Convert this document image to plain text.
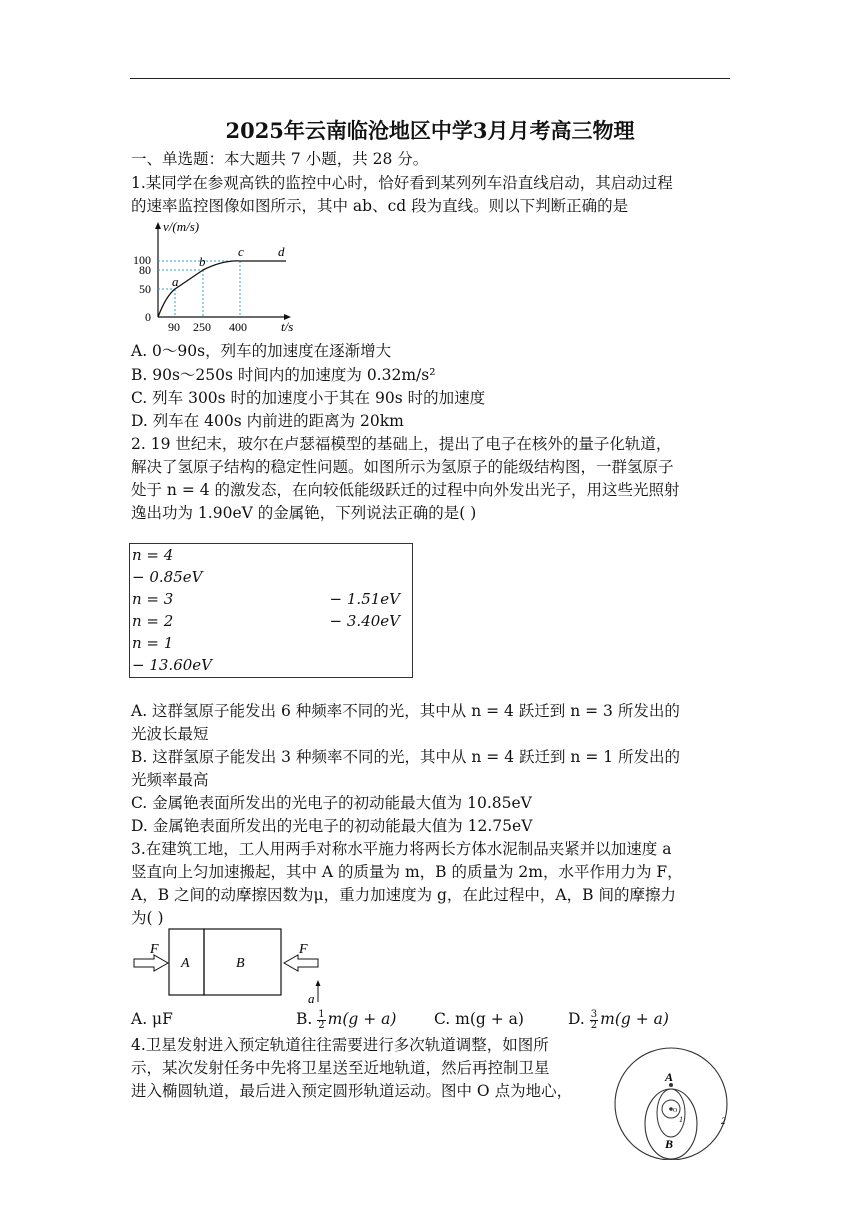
2025年云南临沧地区中学3月月考高三物理
一、单选题：本大题共 7 小题，共 28 分。
1.某同学在参观高铁的监控中心时，恰好看到某列列车沿直线启动，其启动过程
的速率监控图像如图所示，其中 ab、cd 段为直线。则以下判断正确的是
v/(m/s)
t/s
100
80
50
0
90 250 400
a
b
c	d
A. 0～90s，列车的加速度在逐渐增大
B. 90s～250s 时间内的加速度为 0.32m/s²
C. 列车 300s 时的加速度小于其在 90s 时的加速度
D. 列车在 400s 内前进的距离为 20km
2. 19 世纪末，玻尔在卢瑟福模型的基础上，提出了电子在核外的量子化轨道，
解决了氢原子结构的稳定性问题。如图所示为氢原子的能级结构图，一群氢原子
处于 n = 4 的激发态，在向较低能级跃迁的过程中向外发出光子，用这些光照射
逸出功为 1.90eV 的金属铯，下列说法正确的是( )
n = 4
− 0.85eV
n = 3	− 1.51eV
n = 2	− 3.40eV
n = 1
− 13.60eV
A. 这群氢原子能发出 6 种频率不同的光，其中从 n = 4 跃迁到 n = 3 所发出的
光波长最短
B. 这群氢原子能发出 3 种频率不同的光，其中从 n = 4 跃迁到 n = 1 所发出的
光频率最高
C. 金属铯表面所发出的光电子的初动能最大值为 10.85eV
D. 金属铯表面所发出的光电子的初动能最大值为 12.75eV
3.在建筑工地，工人用两手对称水平施力将两长方体水泥制品夹紧并以加速度 a
竖直向上匀加速搬起，其中 A 的质量为 m，B 的质量为 2m，水平作用力为 F，
A，B 之间的动摩擦因数为μ，重力加速度为 g，在此过程中，A，B 间的摩擦力
为( )
F	F
A	B
a
A. μF	B. $\frac{1}{2} m(g + a)$ C. m(g + a)	D. $\frac{3}{2} m(g + a)$
4.卫星发射进入预定轨道往往需要进行多次轨道调整，如图所
示，某次发射任务中先将卫星送至近地轨道，然后再控制卫星
进入椭圆轨道，最后进入预定圆形轨道运动。图中 O 点为地心，
A
O
1
B
2
